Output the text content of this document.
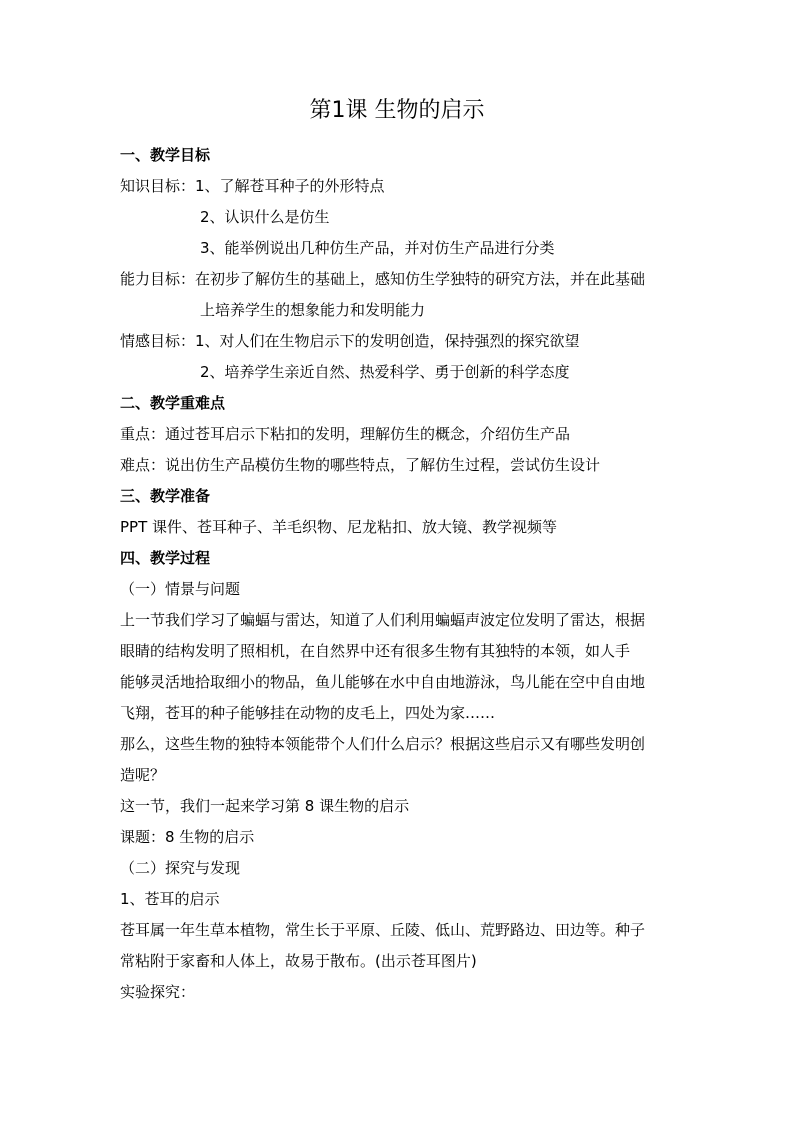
第1课 生物的启示
一、教学目标
知识目标：1、了解苍耳种子的外形特点
2、认识什么是仿生
3、能举例说出几种仿生产品，并对仿生产品进行分类
能力目标：在初步了解仿生的基础上，感知仿生学独特的研究方法，并在此基础
上培养学生的想象能力和发明能力
情感目标：1、对人们在生物启示下的发明创造，保持强烈的探究欲望
2、培养学生亲近自然、热爱科学、勇于创新的科学态度
二、教学重难点
重点：通过苍耳启示下粘扣的发明，理解仿生的概念，介绍仿生产品
难点：说出仿生产品模仿生物的哪些特点，了解仿生过程，尝试仿生设计
三、教学准备
PPT 课件、苍耳种子、羊毛织物、尼龙粘扣、放大镜、教学视频等
四、教学过程
（一）情景与问题
上一节我们学习了蝙蝠与雷达，知道了人们利用蝙蝠声波定位发明了雷达，根据
眼睛的结构发明了照相机，在自然界中还有很多生物有其独特的本领，如人手
能够灵活地拾取细小的物品，鱼儿能够在水中自由地游泳，鸟儿能在空中自由地
飞翔，苍耳的种子能够挂在动物的皮毛上，四处为家……
那么，这些生物的独特本领能带个人们什么启示？根据这些启示又有哪些发明创
造呢？
这一节，我们一起来学习第 8 课生物的启示
课题：8 生物的启示
（二）探究与发现
1、苍耳的启示
苍耳属一年生草本植物，常生长于平原、丘陵、低山、荒野路边、田边等。种子
常粘附于家畜和人体上，故易于散布。(出示苍耳图片)
实验探究：
